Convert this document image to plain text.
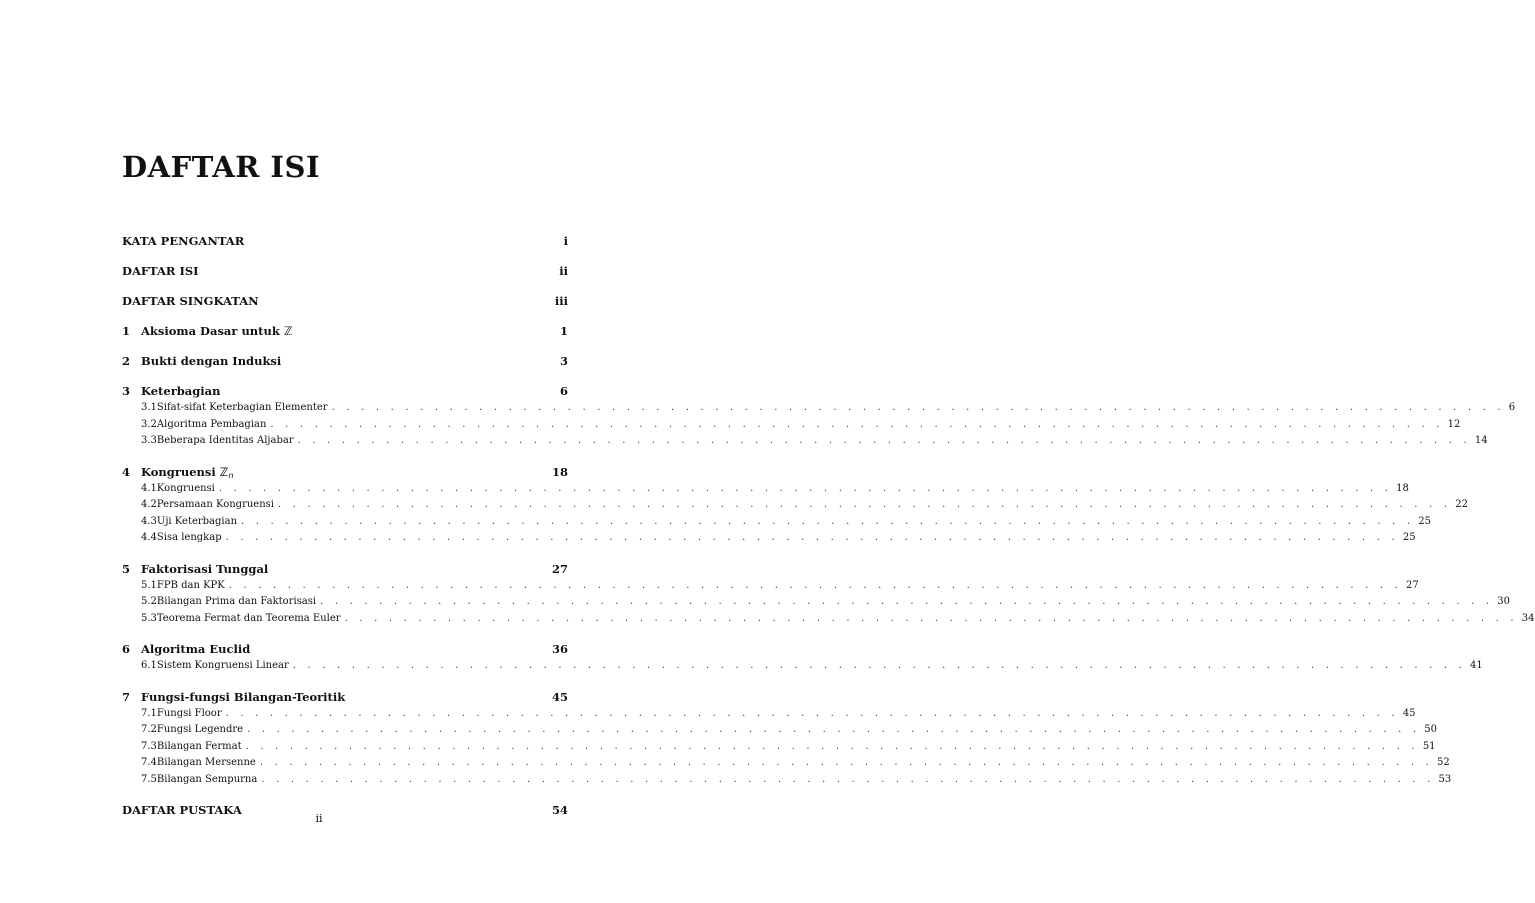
DAFTAR ISI
KATA PENGANTAR	i
DAFTAR ISI	ii
DAFTAR SINGKATAN	iii
1 Aksioma Dasar untuk ℤ	1
2 Bukti dengan Induksi	3
3 Keterbagian	6
3.1 Sifat-sifat Keterbagian Elementer . . . . . . . . . . . . . . . . . . . . . . . . . . . . . . . . . . . . . . . . . . . . . . . . . . . . . . . . . . . . . . . . . . . . . . . . . . . . . . . . 6
3.2 Algoritma Pembagian . . . . . . . . . . . . . . . . . . . . . . . . . . . . . . . . . . . . . . . . . . . . . . . . . . . . . . . . . . . . . . . . . . . . . . . . . . . . . . . . 12
3.3 Beberapa Identitas Aljabar . . . . . . . . . . . . . . . . . . . . . . . . . . . . . . . . . . . . . . . . . . . . . . . . . . . . . . . . . . . . . . . . . . . . . . . . . . . . . . . . 14
4 Kongruensi ℤn	18
4.1 Kongruensi . . . . . . . . . . . . . . . . . . . . . . . . . . . . . . . . . . . . . . . . . . . . . . . . . . . . . . . . . . . . . . . . . . . . . . . . . . . . . . . . 18
4.2 Persamaan Kongruensi . . . . . . . . . . . . . . . . . . . . . . . . . . . . . . . . . . . . . . . . . . . . . . . . . . . . . . . . . . . . . . . . . . . . . . . . . . . . . . . . 22
4.3 Uji Keterbagian . . . . . . . . . . . . . . . . . . . . . . . . . . . . . . . . . . . . . . . . . . . . . . . . . . . . . . . . . . . . . . . . . . . . . . . . . . . . . . . . 25
4.4 Sisa lengkap . . . . . . . . . . . . . . . . . . . . . . . . . . . . . . . . . . . . . . . . . . . . . . . . . . . . . . . . . . . . . . . . . . . . . . . . . . . . . . . . 25
5 Faktorisasi Tunggal	27
5.1 FPB dan KPK . . . . . . . . . . . . . . . . . . . . . . . . . . . . . . . . . . . . . . . . . . . . . . . . . . . . . . . . . . . . . . . . . . . . . . . . . . . . . . . . 27
5.2 Bilangan Prima dan Faktorisasi . . . . . . . . . . . . . . . . . . . . . . . . . . . . . . . . . . . . . . . . . . . . . . . . . . . . . . . . . . . . . . . . . . . . . . . . . . . . . . . . 30
5.3 Teorema Fermat dan Teorema Euler . . . . . . . . . . . . . . . . . . . . . . . . . . . . . . . . . . . . . . . . . . . . . . . . . . . . . . . . . . . . . . . . . . . . . . . . . . . . . . . . 34
6 Algoritma Euclid	36
6.1 Sistem Kongruensi Linear . . . . . . . . . . . . . . . . . . . . . . . . . . . . . . . . . . . . . . . . . . . . . . . . . . . . . . . . . . . . . . . . . . . . . . . . . . . . . . . . 41
7 Fungsi-fungsi Bilangan-Teoritik	45
7.1 Fungsi Floor . . . . . . . . . . . . . . . . . . . . . . . . . . . . . . . . . . . . . . . . . . . . . . . . . . . . . . . . . . . . . . . . . . . . . . . . . . . . . . . . 45
7.2 Fungsi Legendre . . . . . . . . . . . . . . . . . . . . . . . . . . . . . . . . . . . . . . . . . . . . . . . . . . . . . . . . . . . . . . . . . . . . . . . . . . . . . . . . 50
7.3 Bilangan Fermat . . . . . . . . . . . . . . . . . . . . . . . . . . . . . . . . . . . . . . . . . . . . . . . . . . . . . . . . . . . . . . . . . . . . . . . . . . . . . . . . 51
7.4 Bilangan Mersenne . . . . . . . . . . . . . . . . . . . . . . . . . . . . . . . . . . . . . . . . . . . . . . . . . . . . . . . . . . . . . . . . . . . . . . . . . . . . . . . . 52
7.5 Bilangan Sempurna . . . . . . . . . . . . . . . . . . . . . . . . . . . . . . . . . . . . . . . . . . . . . . . . . . . . . . . . . . . . . . . . . . . . . . . . . . . . . . . . 53
DAFTAR PUSTAKA	54
ii
